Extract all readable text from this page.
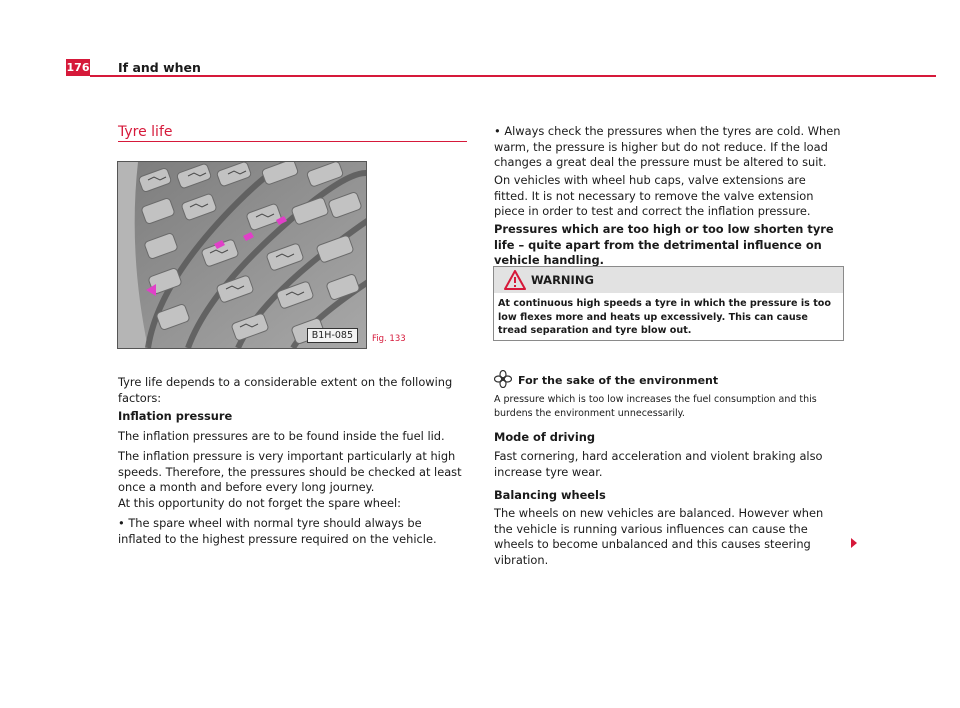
176 If and when
Tyre life
B1H-085	Fig. 133
Tyre life depends to a considerable extent on the following factors:
Inflation pressure
The inflation pressures are to be found inside the fuel lid.
The inflation pressure is very important particularly at high speeds. Therefore, the pressures should be checked at least once a month and before every long journey.
At this opportunity do not forget the spare wheel:
• The spare wheel with normal tyre should always be inflated to the highest pressure required on the vehicle.
• Always check the pressures when the tyres are cold. When warm, the pressure is higher but do not reduce. If the load changes a great deal the pressure must be altered to suit.
On vehicles with wheel hub caps, valve extensions are fitted. It is not necessary to remove the valve extension piece in order to test and correct the inflation pressure.
Pressures which are too high or too low shorten tyre life – quite apart from the detrimental influence on vehicle handling.
WARNING
At continuous high speeds a tyre in which the pressure is too low flexes more and heats up excessively. This can cause tread separation and tyre blow out.
For the sake of the environment
A pressure which is too low increases the fuel consumption and this burdens the environment unnecessarily.
Mode of driving
Fast cornering, hard acceleration and violent braking also increase tyre wear.
Balancing wheels
The wheels on new vehicles are balanced. However when the vehicle is running various influences can cause the wheels to become unbalanced and this causes steering vibration.
